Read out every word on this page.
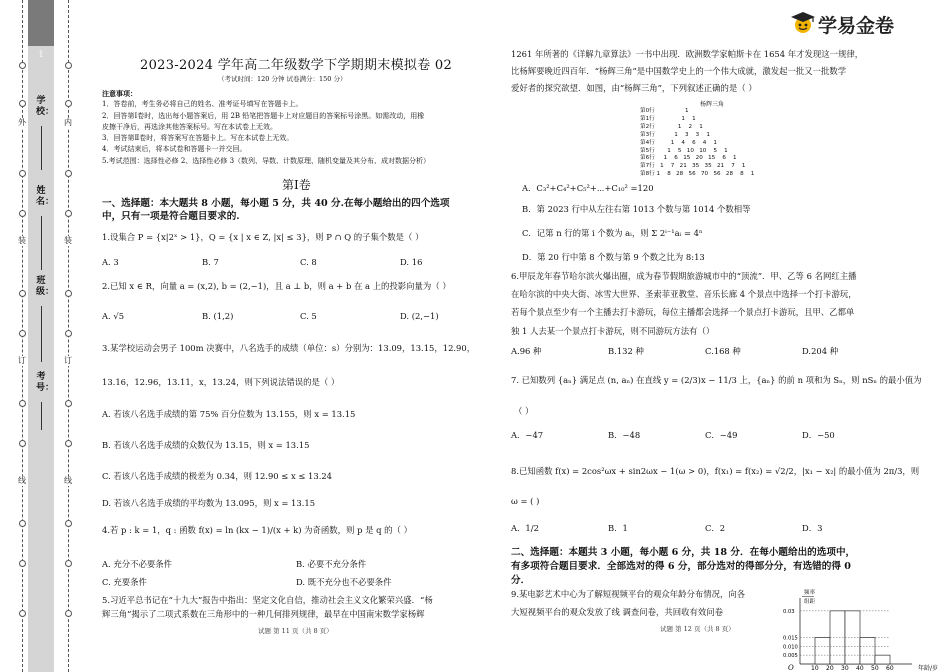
1
外
装
订
线
内
装
订
线
学校：
姓名：
班级：
考号：
学易金卷
2023-2024 学年高二年级数学下学期期末模拟卷 02
（考试时间：120 分钟 试卷满分：150 分）
注意事项：
1．答卷前，考生务必将自己的姓名、准考证号填写在答题卡上。
2．回答第Ⅰ卷时，选出每小题答案后，用 2B 铅笔把答题卡上对应题目的答案标号涂黑。如需改动，用橡
皮擦干净后，再选涂其他答案标号。写在本试卷上无效。
3．回答第Ⅱ卷时，将答案写在答题卡上。写在本试卷上无效。
4．考试结束后，将本试卷和答题卡一并交回。
5.考试范围：选择性必修 2、选择性必修 3（数列、导数、计数原理、随机变量及其分布、成对数据分析）
第Ⅰ卷
一、选择题：本大题共 8 小题，每小题 5 分，共 40 分.在每小题给出的四个选项
中，只有一项是符合题目要求的.
1.设集合 P = {x|2ˣ > 1}，Q = {x | x ∈ Z, |x| ≤ 3}，则 P ∩ Q 的子集个数是（ ）
A. 3	B. 7	C. 8	D. 16
2.已知 x ∈ R，向量 a = (x,2), b = (2,−1)，且 a ⊥ b，则 a + b 在 a 上的投影向量为（ ）
A. √5	B. (1,2)	C. 5	D. (2,−1)
3.某学校运动会男子 100m 决赛中，八名选手的成绩（单位：s）分别为：13.09，13.15，12.90，
13.16，12.96，13.11，x，13.24，则下列说法错误的是（ ）
A. 若该八名选手成绩的第 75% 百分位数为 13.155，则 x = 13.15
B. 若该八名选手成绩的众数仅为 13.15，则 x = 13.15
C. 若该八名选手成绩的极差为 0.34，则 12.90 ≤ x ≤ 13.24
D. 若该八名选手成绩的平均数为 13.095，则 x = 13.15
4.若 p : k = 1，q : 函数 f(x) = ln (kx − 1)/(x + k) 为奇函数，则 p 是 q 的（ ）
A. 充分不必要条件	B. 必要不充分条件
C. 充要条件	D. 既不充分也不必要条件
5.习近平总书记在“十九大”报告中指出：坚定文化自信，推动社会主义文化繁荣兴盛．“杨
辉三角”揭示了二项式系数在三角形中的一种几何排列规律，最早在中国南宋数学家杨辉
试题 第 11 页（共 8 页）
1261 年所著的《详解九章算法》一书中出现．欧洲数学家帕斯卡在 1654 年才发现这一规律，
比杨辉要晚近四百年．“杨辉三角”是中国数学史上的一个伟大成就，激发起一批又一批数学
爱好者的探究欲望．如图，由“杨辉三角”，下列叙述正确的是（ ）
杨辉三角
第0行                 1
第1行               1    1
第2行             1    2    1
第3行           1    3    3    1
第4行         1    4    6    4    1
第5行       1    5   10   10    5    1
第6行     1    6   15   20   15    6    1
第7行   1    7   21   35   35   21    7    1
第8行 1    8   28   56   70   56   28    8    1
A．C₃²+C₄²+C₅²+⋯+C₁₀² =120
B．第 2023 行中从左往右第 1013 个数与第 1014 个数相等
C．记第 n 行的第 i 个数为 aᵢ，则 Σ 2ⁱ⁻¹aᵢ = 4ⁿ
D．第 20 行中第 8 个数与第 9 个数之比为 8:13
6.甲辰龙年春节哈尔滨火爆出圈，成为春节假期旅游城市中的“顶流”．甲、乙等 6 名网红主播
在哈尔滨的中央大街、冰雪大世界、圣索菲亚教堂、音乐长廊 4 个景点中选择一个打卡游玩，
若每个景点至少有一个主播去打卡游玩，每位主播都会选择一个景点打卡游玩，且甲、乙都单
独 1 人去某一个景点打卡游玩，则不同游玩方法有（）
A.96 种	B.132 种	C.168 种	D.204 种
7. 已知数列 {aₙ} 满足点 (n, aₙ) 在直线 y = (2/3)x − 11/3 上，{aₙ} 的前 n 项和为 Sₙ，则 nSₙ 的最小值为
（ ）
A．−47	B．−48	C．−49	D．−50
8.已知函数 f(x) = 2cos²ωx + sin2ωx − 1(ω > 0)，f(x₁) = f(x₂) = √2/2，|x₁ − x₂| 的最小值为 2π/3，则
ω = ( )
A．1/2	B．1	C．2	D．3
二、选择题：本题共 3 小题，每小题 6 分，共 18 分．在每小题给出的选项中，
有多项符合题目要求．全部选对的得 6 分，部分选对的得部分分，有选错的得 0
分．
9.某电影艺术中心为了解短视频平台的观众年龄分布情况，向各
大短视频平台的观众发放了线 调查问卷，共回收有效问卷
试题 第 12 页（共 8 页）
频率
组距
O	年龄/岁
0.03
0.015
0.010
0.005
10 20 30 40 50 60
